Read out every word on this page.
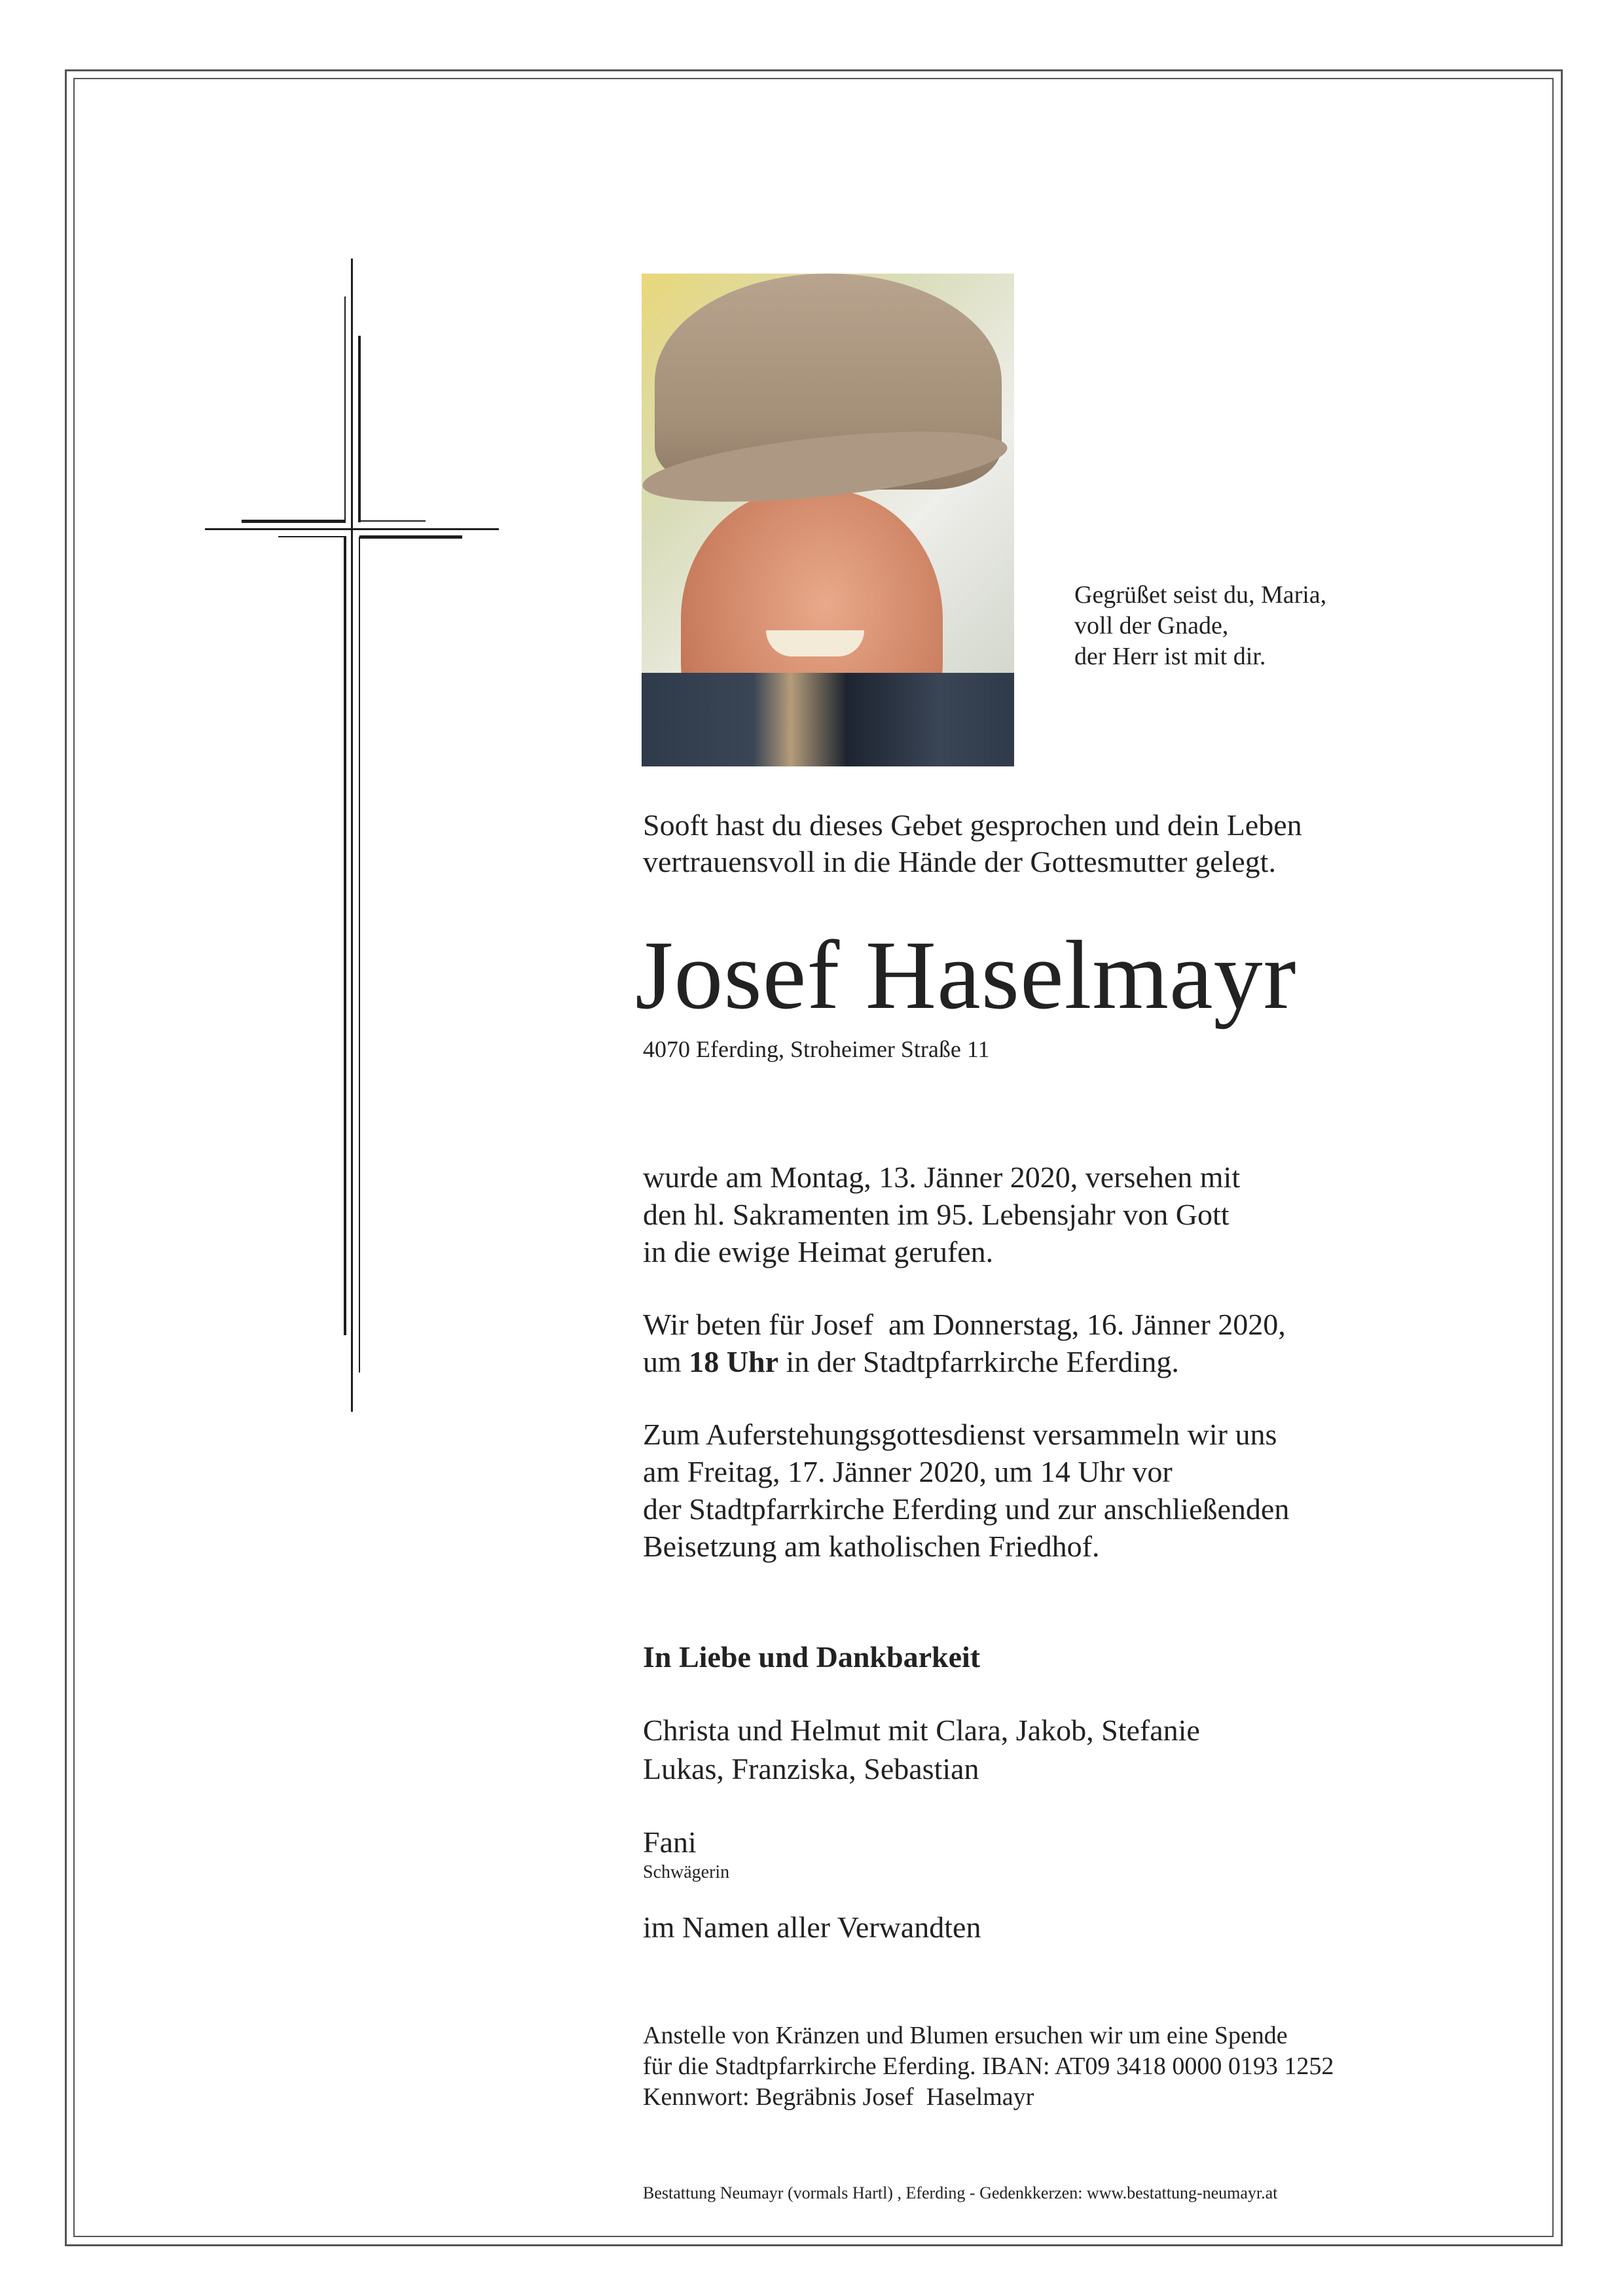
Gegrüßet seist du, Maria,
voll der Gnade,
der Herr ist mit dir.
Sooft hast du dieses Gebet gesprochen und dein Leben
vertrauensvoll in die Hände der Gottesmutter gelegt.
Josef Haselmayr
4070 Eferding, Stroheimer Straße 11
wurde am Montag, 13. Jänner 2020, versehen mit
den hl. Sakramenten im 95. Lebensjahr von Gott
in die ewige Heimat gerufen.
Wir beten für Josef  am Donnerstag, 16. Jänner 2020,
um 18 Uhr in der Stadtpfarrkirche Eferding.
Zum Auferstehungsgottesdienst versammeln wir uns
am Freitag, 17. Jänner 2020, um 14 Uhr vor
der Stadtpfarrkirche Eferding und zur anschließenden
Beisetzung am katholischen Friedhof.
In Liebe und Dankbarkeit
Christa und Helmut mit Clara, Jakob, Stefanie
Lukas, Franziska, Sebastian
Fani
Schwägerin
im Namen aller Verwandten
Anstelle von Kränzen und Blumen ersuchen wir um eine Spende
für die Stadtpfarrkirche Eferding. IBAN: AT09 3418 0000 0193 1252
Kennwort: Begräbnis Josef  Haselmayr
Bestattung Neumayr (vormals Hartl) , Eferding - Gedenkkerzen: www.bestattung-neumayr.at
